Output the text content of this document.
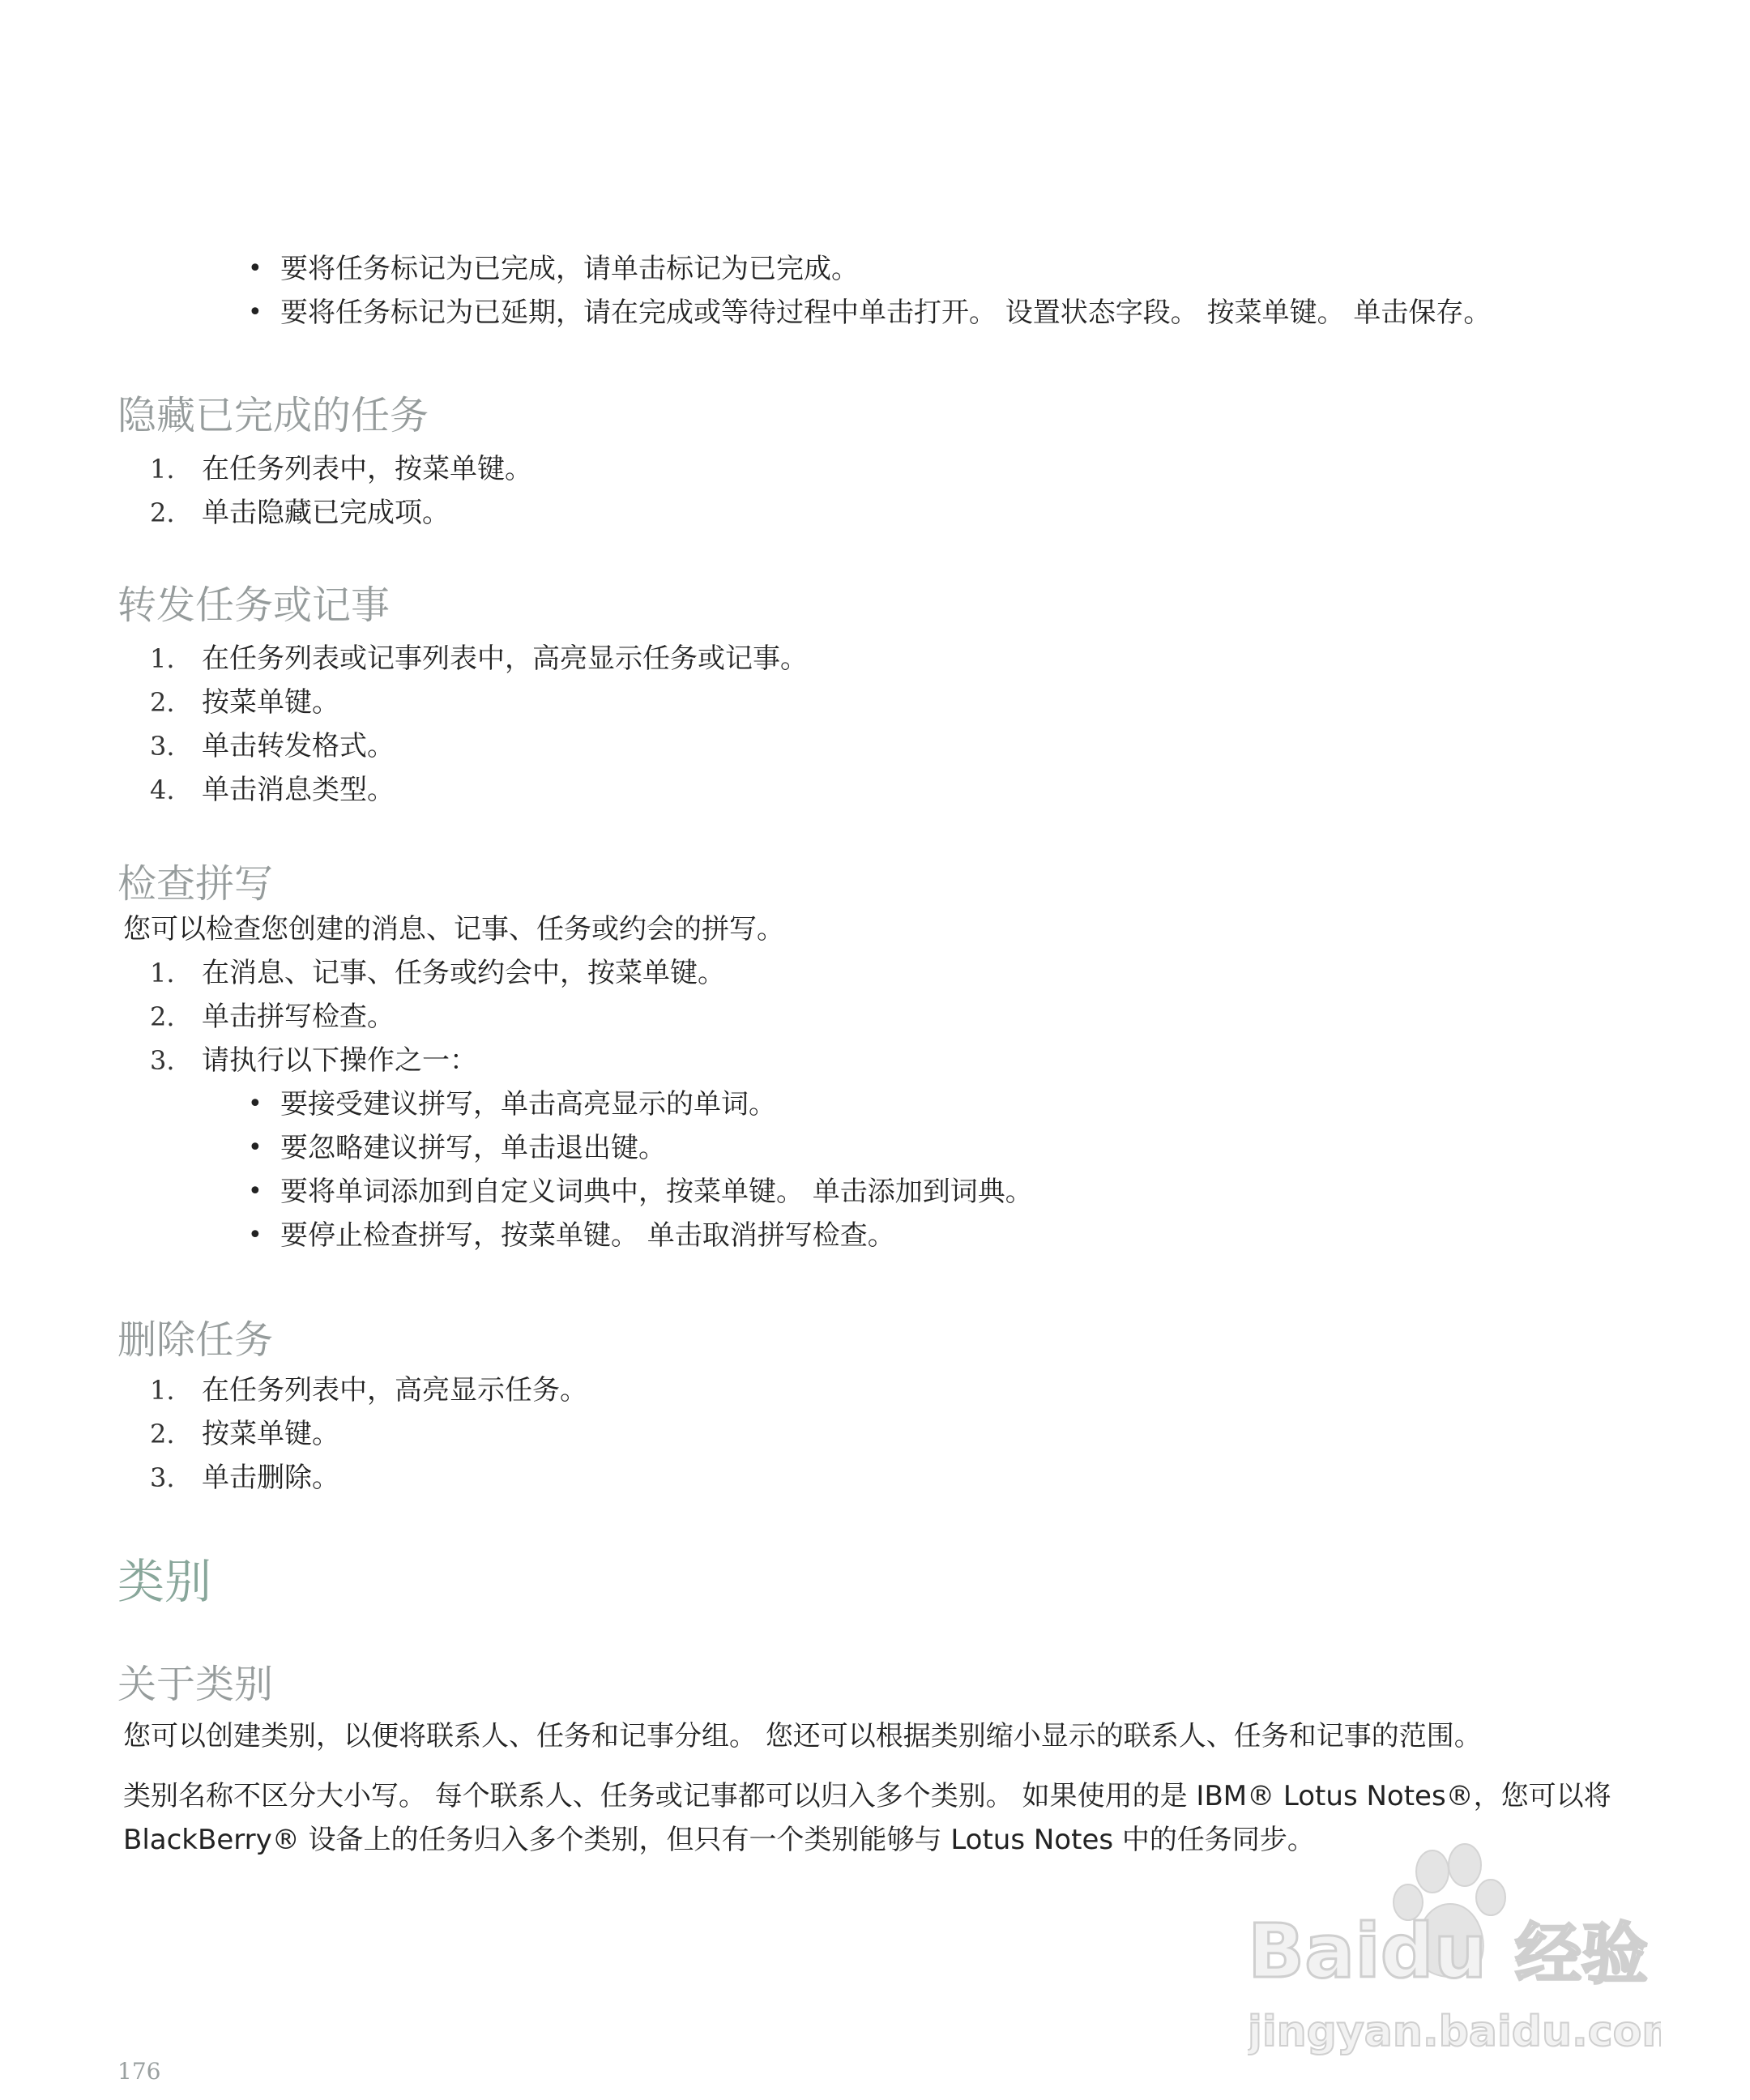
• 要将任务标记为已完成，请单击标记为已完成。
• 要将任务标记为已延期，请在完成或等待过程中单击打开。 设置状态字段。 按菜单键。 单击保存。
隐藏已完成的任务
1. 在任务列表中，按菜单键。
2. 单击隐藏已完成项。
转发任务或记事
1. 在任务列表或记事列表中，高亮显示任务或记事。
2. 按菜单键。
3. 单击转发格式。
4. 单击消息类型。
检查拼写

您可以检查您创建的消息、记事、任务或约会的拼写。

1. 在消息、记事、任务或约会中，按菜单键。
2. 单击拼写检查。
3. 请执行以下操作之一：
• 要接受建议拼写，单击高亮显示的单词。
• 要忽略建议拼写，单击退出键。
• 要将单词添加到自定义词典中，按菜单键。 单击添加到词典。
• 要停止检查拼写，按菜单键。 单击取消拼写检查。
删除任务
1. 在任务列表中，高亮显示任务。
2. 按菜单键。
3. 单击删除。
类别
关于类别

您可以创建类别，以便将联系人、任务和记事分组。 您还可以根据类别缩小显示的联系人、任务和记事的范围。

类别名称不区分大小写。 每个联系人、任务或记事都可以归入多个类别。 如果使用的是 IBM® Lotus Notes®，您可以将 BlackBerry® 设备上的任务归入多个类别，但只有一个类别能够与 Lotus Notes 中的任务同步。

Baidu 经验
jingyan.baidu.com
176
